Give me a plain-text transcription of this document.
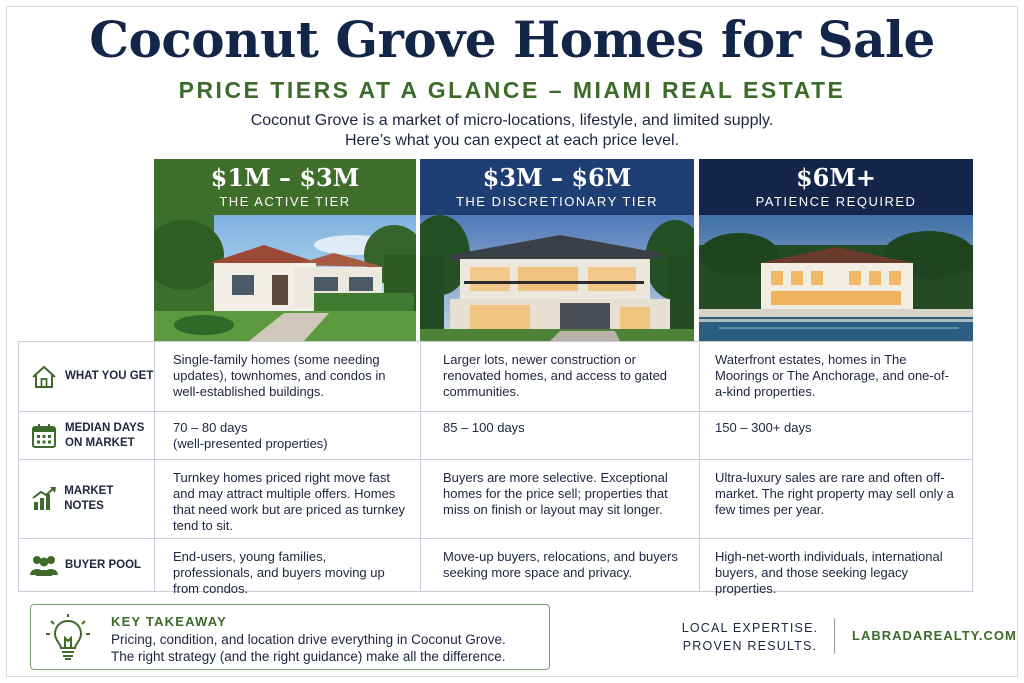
Coconut Grove Homes for Sale
PRICE TIERS AT A GLANCE – MIAMI REAL ESTATE
Coconut Grove is a market of micro-locations, lifestyle, and limited supply.
Here’s what you can expect at each price level.
$1M – $3M
THE ACTIVE TIER
$3M – $6M
THE DISCRETIONARY TIER
$6M+
PATIENCE REQUIRED
WHAT YOU GET
Single-family homes (some needing updates), townhomes, and condos in well-established buildings.
Larger lots, newer construction or renovated homes, and access to gated communities.
Waterfront estates, homes in The Moorings or The Anchorage, and one-of-a-kind properties.
MEDIAN DAYS
ON MARKET
70 – 80 days
(well-presented properties)
85 – 100 days	150 – 300+ days
MARKET NOTES
Turnkey homes priced right move fast and may attract multiple offers. Homes that need work but are priced as turnkey tend to sit.
Buyers are more selective. Exceptional homes for the price sell; properties that miss on finish or layout may sit longer.
Ultra-luxury sales are rare and often off-market. The right property may sell only a few times per year.
BUYER POOL
End-users, young families, professionals, and buyers moving up from condos.
Move-up buyers, relocations, and buyers seeking more space and privacy.
High-net-worth individuals, international buyers, and those seeking legacy properties.
KEY TAKEAWAY
Pricing, condition, and location drive everything in Coconut Grove.
The right strategy (and the right guidance) make all the difference.
LOCAL EXPERTISE.
PROVEN RESULTS.
LABRADAREALTY.COM
